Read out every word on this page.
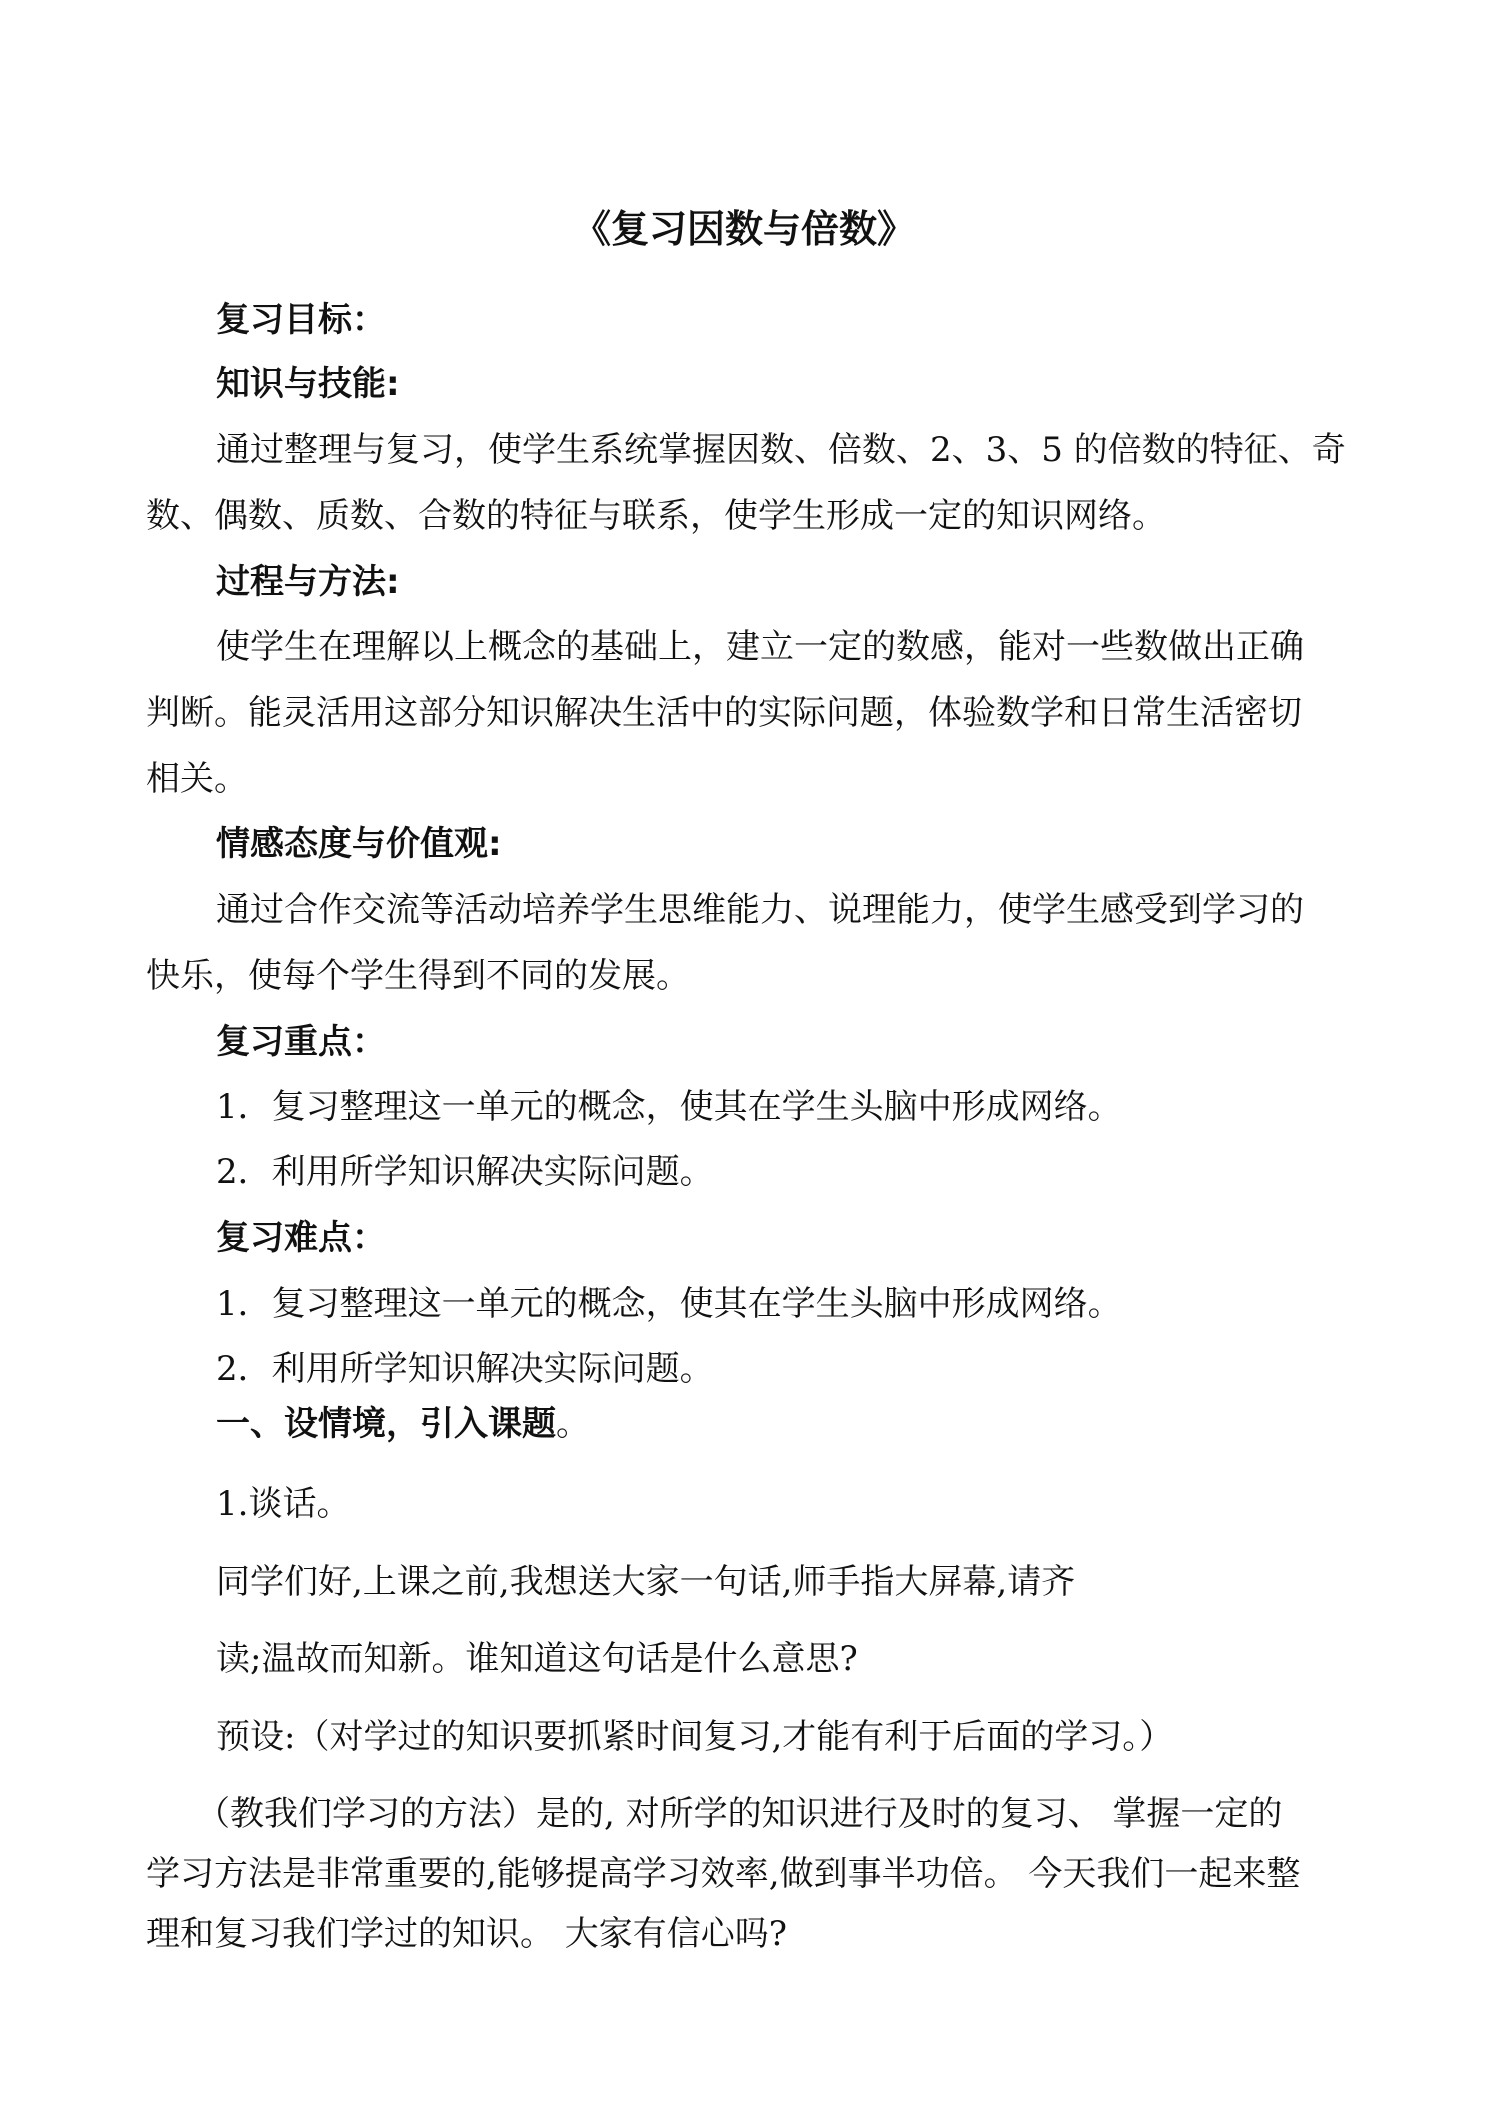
《复习因数与倍数》

复习目标：

知识与技能:

通过整理与复习，使学生系统掌握因数、倍数、2、3、5 的倍数的特征、奇

数、偶数、质数、合数的特征与联系，使学生形成一定的知识网络。

过程与方法:

使学生在理解以上概念的基础上，建立一定的数感，能对一些数做出正确

判断。能灵活用这部分知识解决生活中的实际问题，体验数学和日常生活密切

相关。

情感态度与价值观:

通过合作交流等活动培养学生思维能力、说理能力，使学生感受到学习的

快乐，使每个学生得到不同的发展。

复习重点：

1．复习整理这一单元的概念，使其在学生头脑中形成网络。

2．利用所学知识解决实际问题。

复习难点：

1．复习整理这一单元的概念，使其在学生头脑中形成网络。

2．利用所学知识解决实际问题。

一、设情境，引入课题。

1.谈话。

同学们好,上课之前,我想送大家一句话,师手指大屏幕,请齐

读;温故而知新。谁知道这句话是什么意思?

预设:（对学过的知识要抓紧时间复习,才能有利于后面的学习。）

（教我们学习的方法）是的, 对所学的知识进行及时的复习、 掌握一定的

学习方法是非常重要的,能够提高学习效率,做到事半功倍。 今天我们一起来整

理和复习我们学过的知识。 大家有信心吗?
